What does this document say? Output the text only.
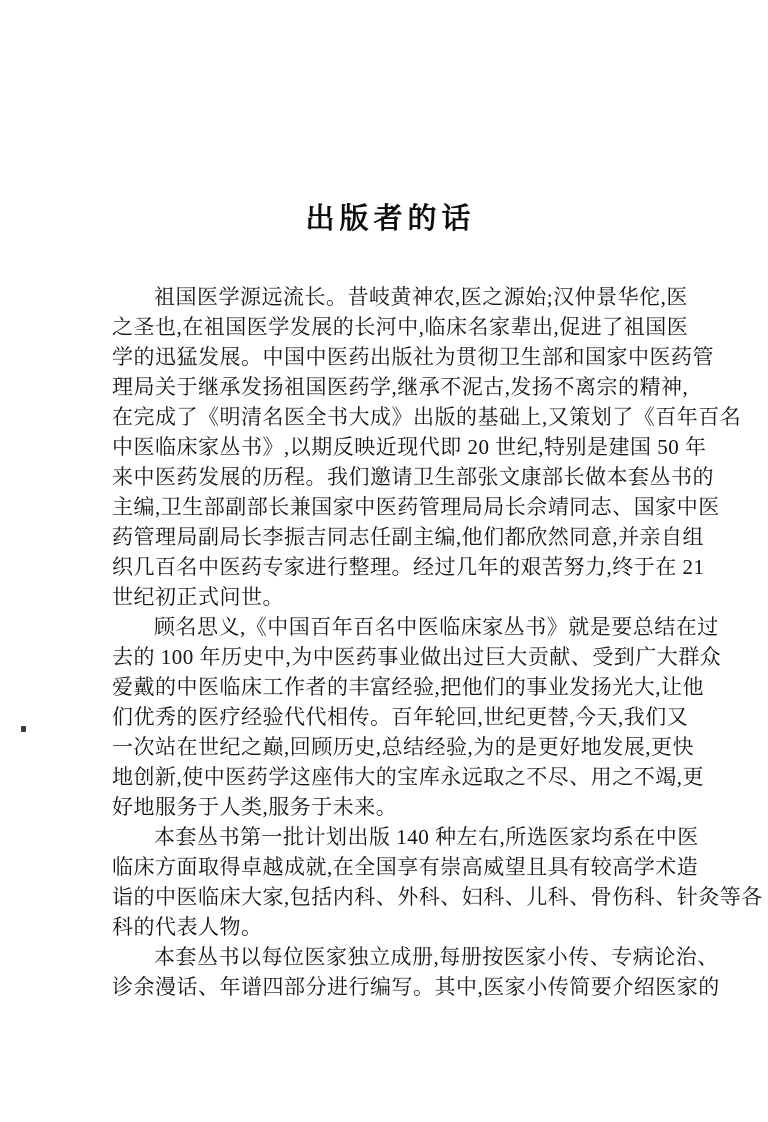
出版者的话
祖国医学源远流长。昔岐黄神农,医之源始;汉仲景华佗,医
之圣也,在祖国医学发展的长河中,临床名家辈出,促进了祖国医
学的迅猛发展。中国中医药出版社为贯彻卫生部和国家中医药管
理局关于继承发扬祖国医药学,继承不泥古,发扬不离宗的精神,
在完成了《明清名医全书大成》出版的基础上,又策划了《百年百名
中医临床家丛书》,以期反映近现代即 20 世纪,特别是建国 50 年
来中医药发展的历程。我们邀请卫生部张文康部长做本套丛书的
主编,卫生部副部长兼国家中医药管理局局长佘靖同志、国家中医
药管理局副局长李振吉同志任副主编,他们都欣然同意,并亲自组
织几百名中医药专家进行整理。经过几年的艰苦努力,终于在 21
世纪初正式问世。
顾名思义,《中国百年百名中医临床家丛书》就是要总结在过
去的 100 年历史中,为中医药事业做出过巨大贡献、受到广大群众
爱戴的中医临床工作者的丰富经验,把他们的事业发扬光大,让他
们优秀的医疗经验代代相传。百年轮回,世纪更替,今天,我们又
一次站在世纪之巅,回顾历史,总结经验,为的是更好地发展,更快
地创新,使中医药学这座伟大的宝库永远取之不尽、用之不竭,更
好地服务于人类,服务于未来。
本套丛书第一批计划出版 140 种左右,所选医家均系在中医
临床方面取得卓越成就,在全国享有崇高威望且具有较高学术造
诣的中医临床大家,包括内科、外科、妇科、儿科、骨伤科、针灸等各
科的代表人物。
本套丛书以每位医家独立成册,每册按医家小传、专病论治、
诊余漫话、年谱四部分进行编写。其中,医家小传简要介绍医家的
